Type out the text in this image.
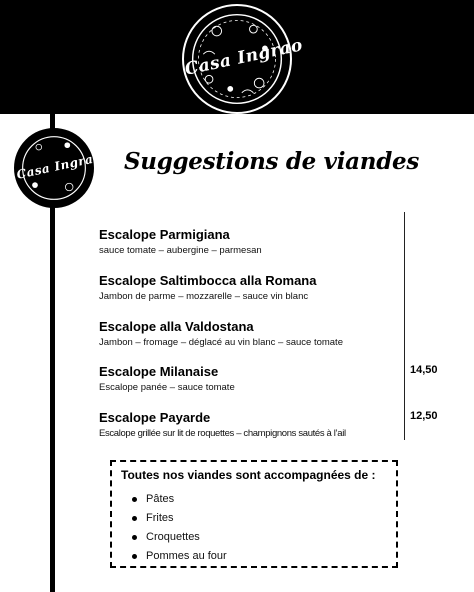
Casa Ingrao
Casa Ingrao Suggestions de viandes
Escalope Parmigiana
sauce tomate – aubergine – parmesan
Escalope Saltimbocca alla Romana
Jambon de parme – mozzarelle – sauce vin blanc
Escalope alla Valdostana
Jambon – fromage – déglacé au vin blanc – sauce tomate
Escalope Milanaise
Escalope panée – sauce tomate
14,50
Escalope Payarde
Escalope grillée sur lit de roquettes – champignons sautés à l’ail
12,50
Toutes nos viandes sont accompagnées de :
Pâtes
Frites
Croquettes
Pommes au four
